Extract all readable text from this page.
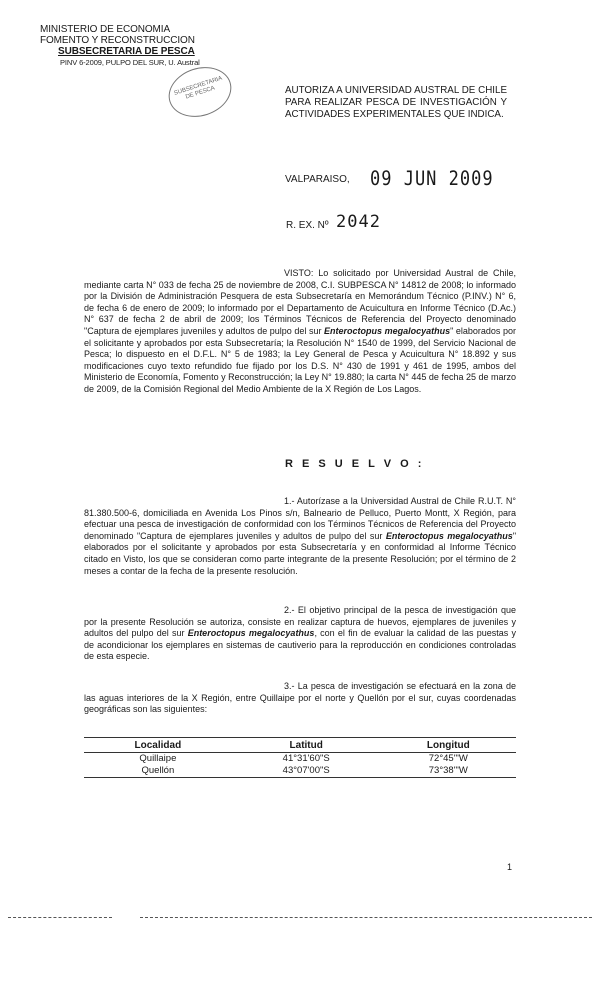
MINISTERIO DE ECONOMIA
FOMENTO Y RECONSTRUCCION
SUBSECRETARIA DE PESCA
PINV 6-2009, PULPO DEL SUR, U. Austral
SUBSECRETARIA DE PESCA	AUTORIZA A UNIVERSIDAD AUSTRAL DE CHILE PARA REALIZAR PESCA DE INVESTIGACIÓN Y ACTIVIDADES EXPERIMENTALES QUE INDICA.
VALPARAISO, 09 JUN 2009
R. EX. Nº 2042
VISTO: Lo solicitado por Universidad Austral de Chile, mediante carta N° 033 de fecha 25 de noviembre de 2008, C.I. SUBPESCA N° 14812 de 2008; lo informado por la División de Administración Pesquera de esta Subsecretaría en Memorándum Técnico (P.INV.) N° 6, de fecha 6 de enero de 2009; lo informado por el Departamento de Acuicultura en Informe Técnico (D.Ac.) N° 637 de fecha 2 de abril de 2009; los Términos Técnicos de Referencia del Proyecto denominado "Captura de ejemplares juveniles y adultos de pulpo del sur Enteroctopus megalocyathus" elaborados por el solicitante y aprobados por esta Subsecretaría; la Resolución N° 1540 de 1999, del Servicio Nacional de Pesca; lo dispuesto en el D.F.L. N° 5 de 1983; la Ley General de Pesca y Acuicultura N° 18.892 y sus modificaciones cuyo texto refundido fue fijado por los D.S. N° 430 de 1991 y 461 de 1995, ambos del Ministerio de Economía, Fomento y Reconstrucción; la Ley N° 19.880; la carta N° 445 de fecha 25 de marzo de 2009, de la Comisión Regional del Medio Ambiente de la X Región de Los Lagos.
R E S U E L V O :
1.- Autorízase a la Universidad Austral de Chile R.U.T. N° 81.380.500-6, domiciliada en Avenida Los Pinos s/n, Balneario de Pelluco, Puerto Montt, X Región, para efectuar una pesca de investigación de conformidad con los Términos Técnicos de Referencia del Proyecto denominado "Captura de ejemplares juveniles y adultos de pulpo del sur Enteroctopus megalocyathus" elaborados por el solicitante y aprobados por esta Subsecretaría y en conformidad al Informe Técnico citado en Visto, los que se consideran como parte integrante de la presente Resolución; por el término de 2 meses a contar de la fecha de la presente resolución.
2.- El objetivo principal de la pesca de investigación que por la presente Resolución se autoriza, consiste en realizar captura de huevos, ejemplares de juveniles y adultos del pulpo del sur Enteroctopus megalocyathus, con el fin de evaluar la calidad de las puestas y de acondicionar los ejemplares en sistemas de cautiverio para la reproducción en condiciones controladas de esta especie.
3.- La pesca de investigación se efectuará en la zona de las aguas interiores de la X Región, entre Quillaipe por el norte y Quellón por el sur, cuyas coordenadas geográficas son las siguientes:
Localidad	Latitud	Longitud
Quillaipe	41°31'60"S	72°45'"W
Quellón	43°07'00"S	73°38'"W
1
